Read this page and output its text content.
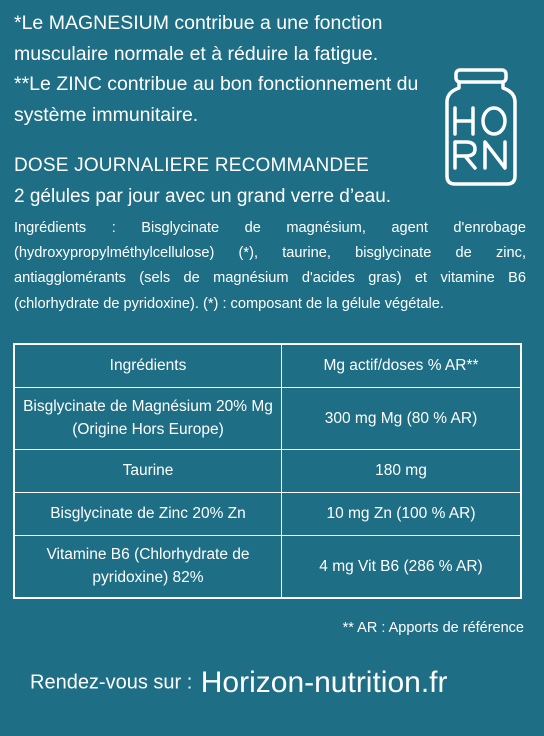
*Le MAGNESIUM contribue a une fonction musculaire normale et à réduire la fatigue.

**Le ZINC contribue au bon fonctionnement du système immunitaire.

DOSE JOURNALIERE RECOMMANDEE
2 gélules par jour avec un grand verre d’eau.
Ingrédients : Bisglycinate de magnésium, agent d'enrobage (hydroxypropylméthylcellulose) (*), taurine, bisglycinate de zinc, antiagglomérants (sels de magnésium d'acides gras) et vitamine B6 (chlorhydrate de pyridoxine). (*) : composant de la gélule végétale.
Ingrédients	Mg actif/doses % AR**
Bisglycinate de Magnésium 20% Mg (Origine Hors Europe)	300 mg Mg (80 % AR)
Taurine	180 mg
Bisglycinate de Zinc 20% Zn	10 mg Zn (100 % AR)
Vitamine B6 (Chlorhydrate de pyridoxine) 82%	4 mg Vit B6 (286 % AR)
** AR : Apports de référence
Rendez-vous sur : Horizon-nutrition.fr
